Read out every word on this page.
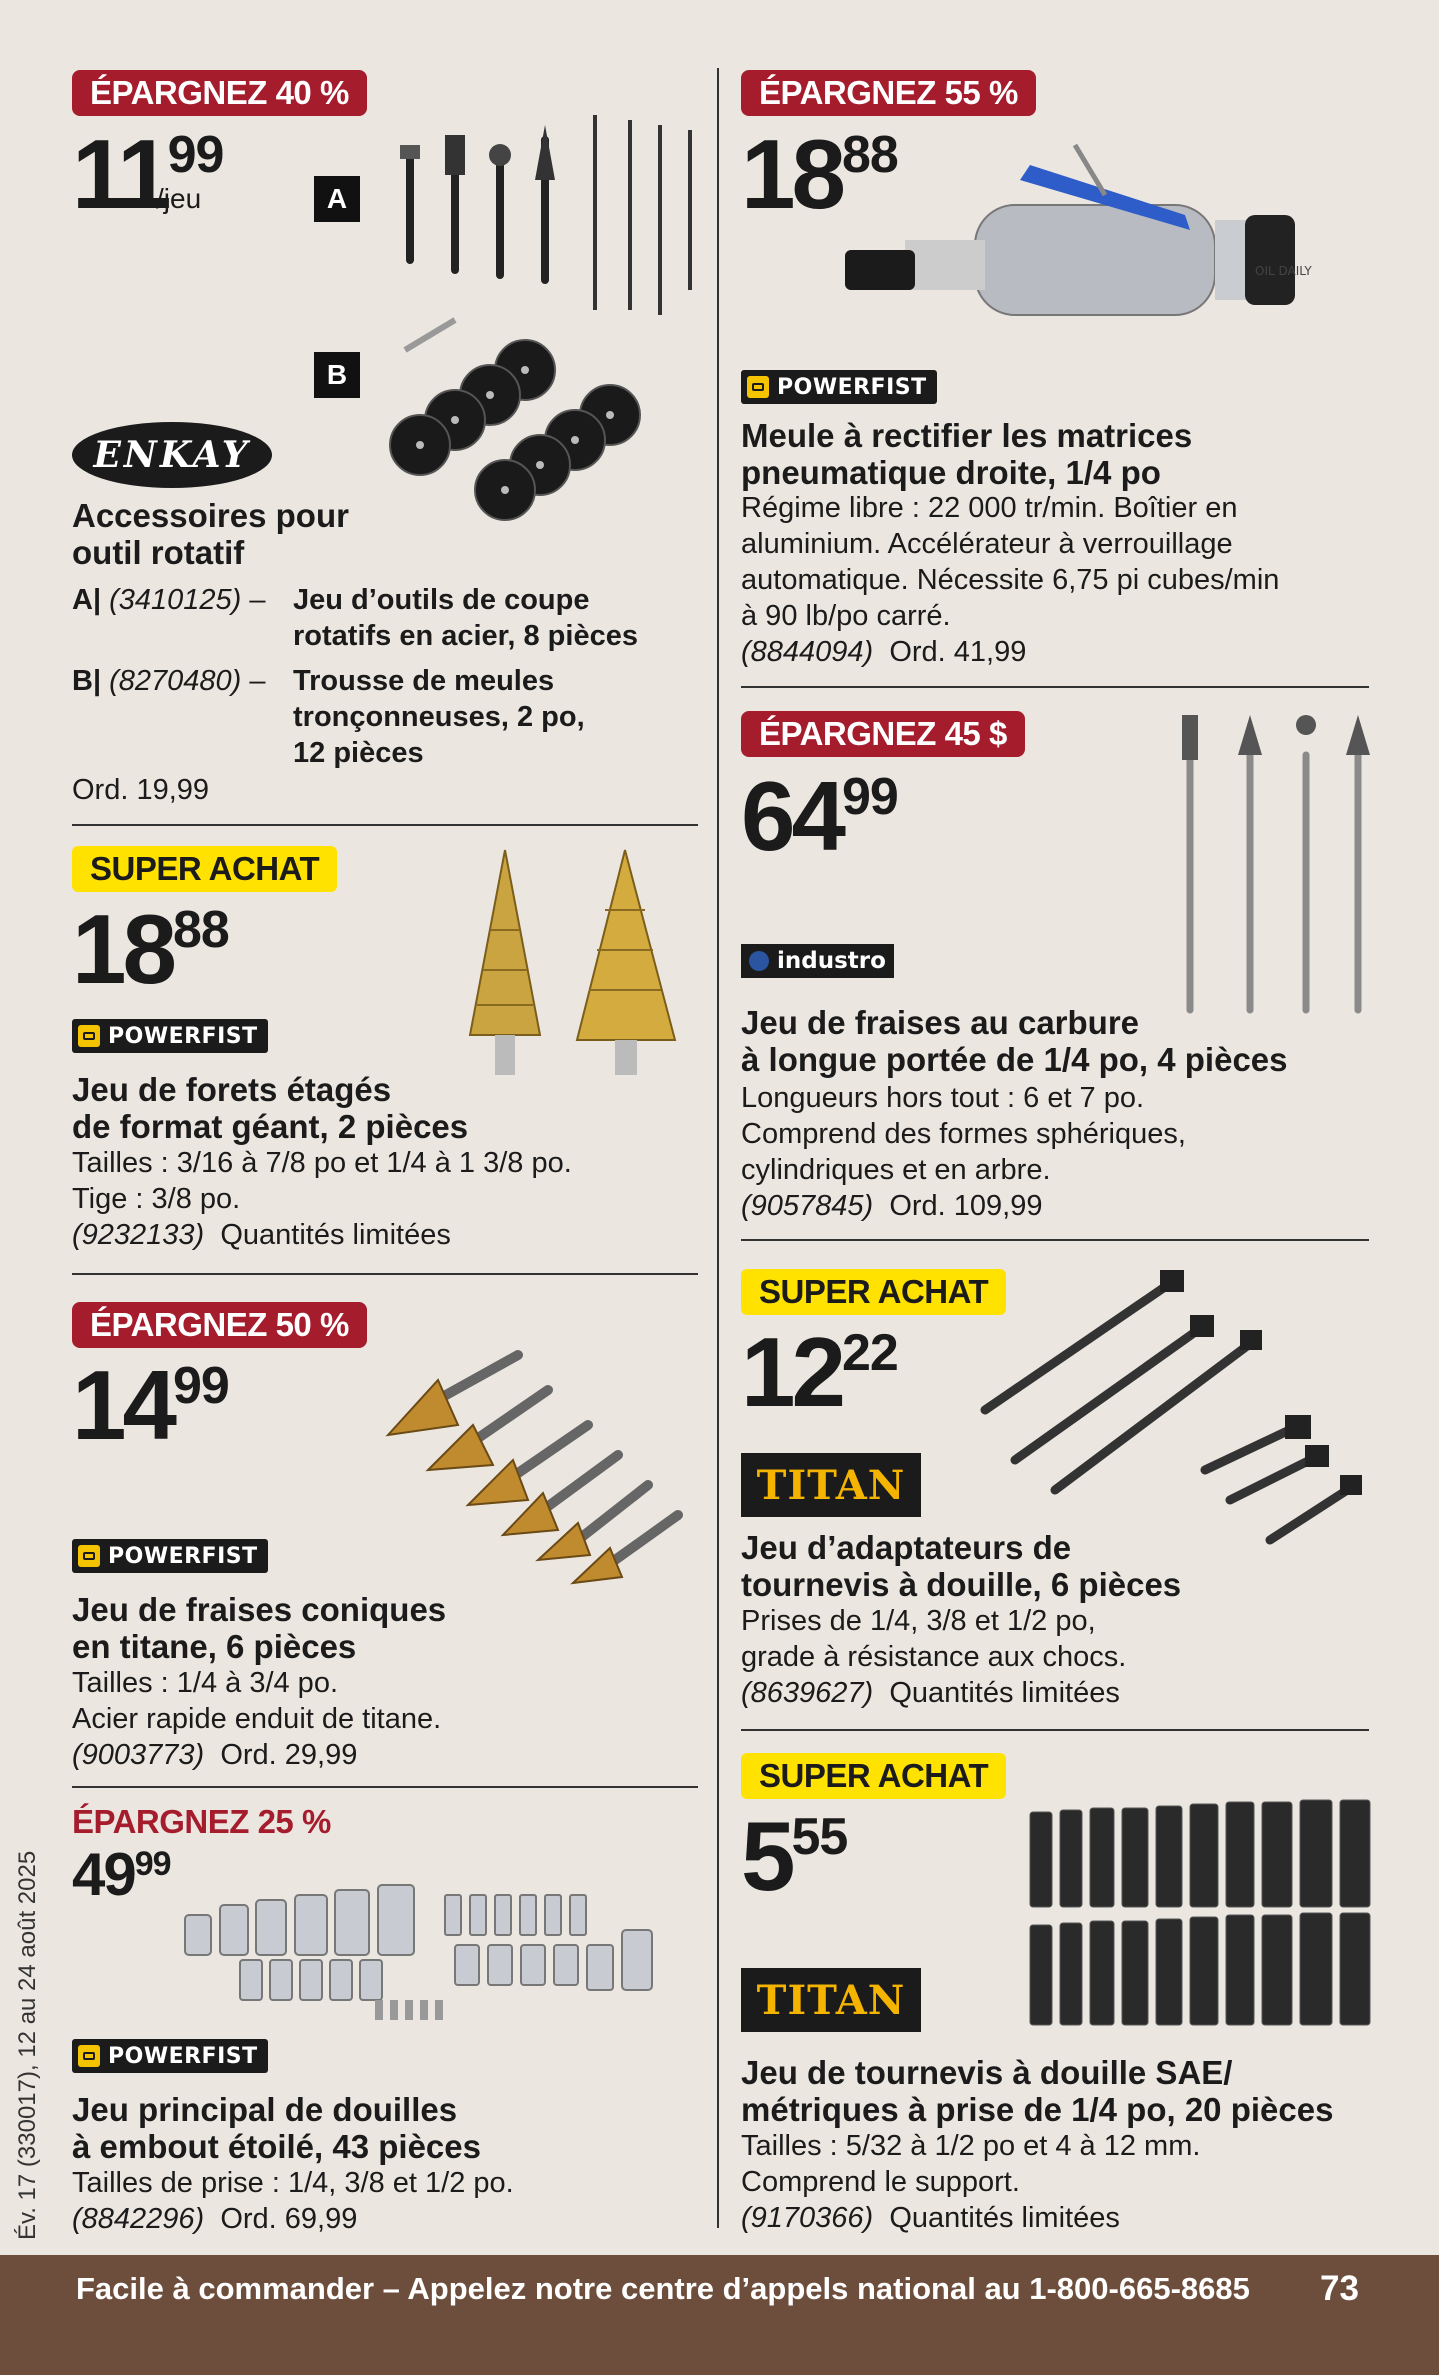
ÉPARGNEZ 40 %
11 99
/jeu	A
B
ENKAY
Accessoires pour
outil rotatif
A| (3410125) – Jeu d’outils de coupe
rotatifs en acier, 8 pièces
B| (8270480) – Trousse de meules
tronçonneuses, 2 po,
12 pièces
Ord. 19,99
ÉPARGNEZ 55 %
18 88
OIL DAILY
POWERFIST
Meule à rectifier les matrices
pneumatique droite, 1/4 po
Régime libre : 22 000 tr/min. Boîtier en
aluminium. Accélérateur à verrouillage
automatique. Nécessite 6,75 pi cubes/min
à 90 lb/po carré.
(8844094) Ord. 41,99
SUPER ACHAT
18 88
POWERFIST
Jeu de forets étagés
de format géant, 2 pièces
Tailles : 3/16 à 7/8 po et 1/4 à 1 3/8 po.
Tige : 3/8 po.
(9232133) Quantités limitées
ÉPARGNEZ 45 $
64 99
industro
Jeu de fraises au carbure
à longue portée de 1/4 po, 4 pièces
Longueurs hors tout : 6 et 7 po.
Comprend des formes sphériques,
cylindriques et en arbre.
(9057845) Ord. 109,99
ÉPARGNEZ 50 %
14 99
POWERFIST
Jeu de fraises coniques
en titane, 6 pièces
Tailles : 1/4 à 3/4 po.
Acier rapide enduit de titane.
(9003773) Ord. 29,99
SUPER ACHAT
12 22
TITAN
Jeu d’adaptateurs de
tournevis à douille, 6 pièces
Prises de 1/4, 3/8 et 1/2 po,
grade à résistance aux chocs.
(8639627) Quantités limitées
ÉPARGNEZ 25 %
49 99
POWERFIST
Jeu principal de douilles
à embout étoilé, 43 pièces
Tailles de prise : 1/4, 3/8 et 1/2 po.
(8842296) Ord. 69,99
SUPER ACHAT
5 55
TITAN
Jeu de tournevis à douille SAE/
métriques à prise de 1/4 po, 20 pièces
Tailles : 5/32 à 1/2 po et 4 à 12 mm.
Comprend le support.
(9170366) Quantités limitées
Év. 17 (330017), 12 au 24 août 2025
Facile à commander – Appelez notre centre d’appels national au 1-800-665-8685 73
